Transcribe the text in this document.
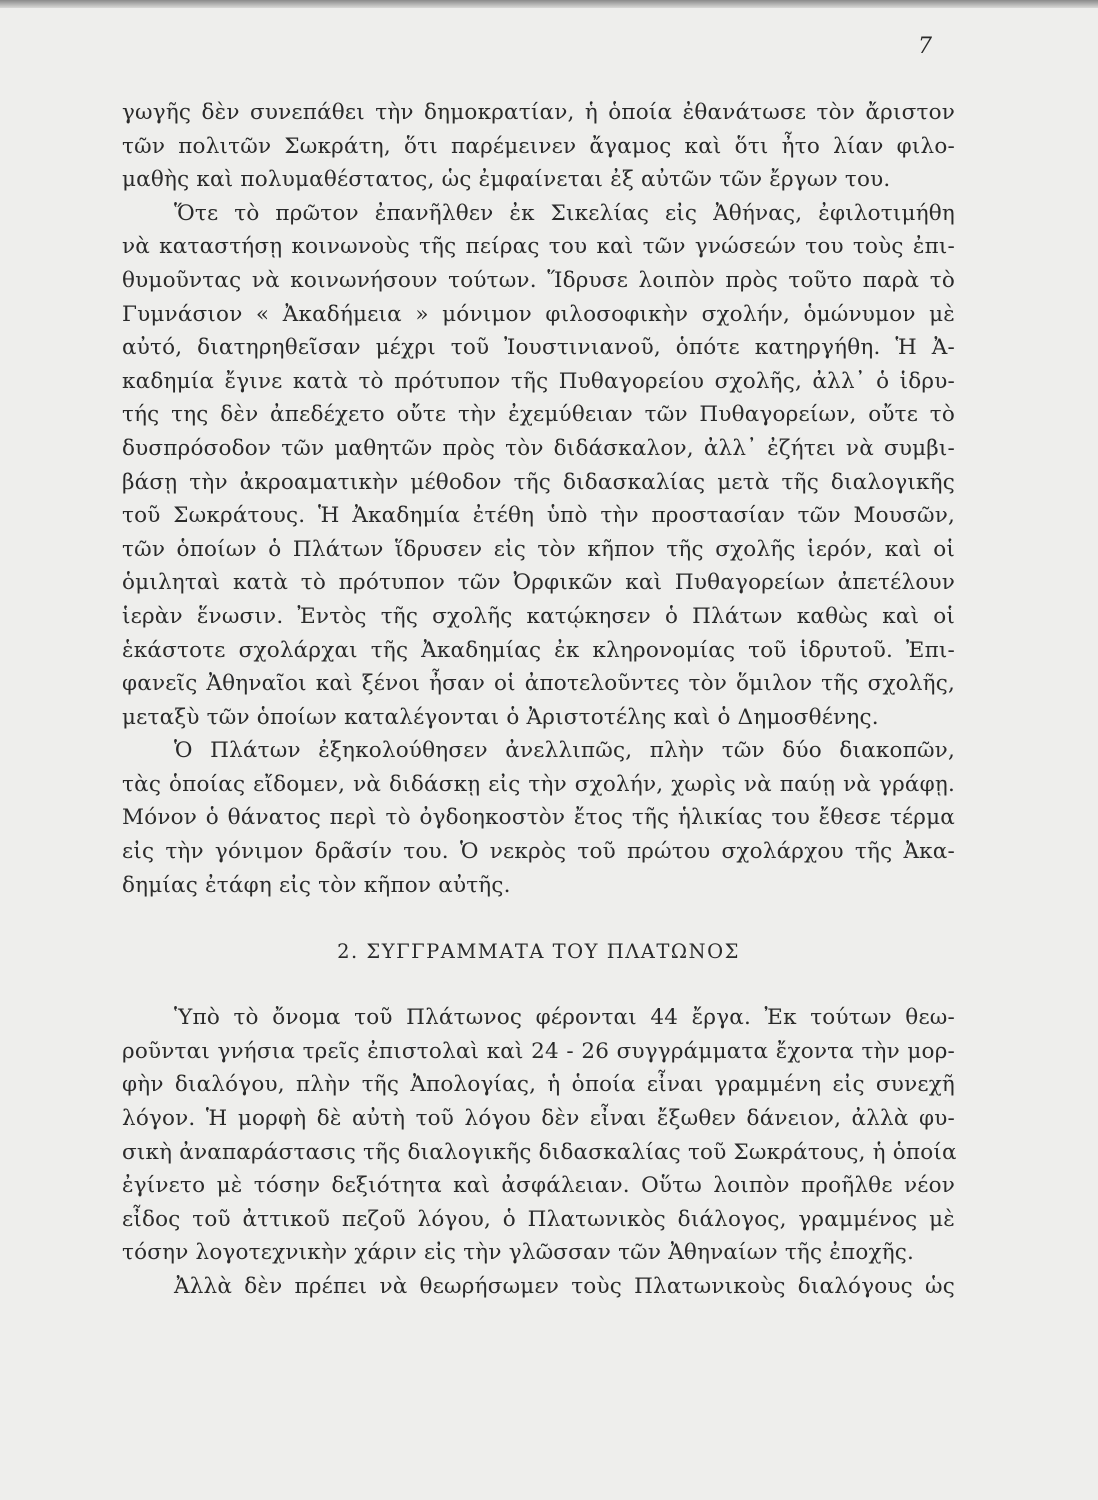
7
γωγῆς δὲν συνεπάθει τὴν δημοκρατίαν, ἡ ὁποία ἐθανάτωσε τὸν ἄριστον
τῶν πολιτῶν Σωκράτη, ὅτι παρέμεινεν ἄγαμος καὶ ὅτι ἦτο λίαν φιλο-
μαθὴς καὶ πολυμαθέστατος, ὡς ἐμφαίνεται ἐξ αὐτῶν τῶν ἔργων του.
Ὅτε τὸ πρῶτον ἐπανῆλθεν ἐκ Σικελίας εἰς Ἀθήνας, ἐφιλοτιμήθη
νὰ καταστήσῃ κοινωνοὺς τῆς πείρας του καὶ τῶν γνώσεών του τοὺς ἐπι-
θυμοῦντας νὰ κοινωνήσουν τούτων. Ἵδρυσε λοιπὸν πρὸς τοῦτο παρὰ τὸ
Γυμνάσιον « Ἀκαδήμεια » μόνιμον φιλοσοφικὴν σχολήν, ὁμώνυμον μὲ
αὐτό, διατηρηθεῖσαν μέχρι τοῦ Ἰουστινιανοῦ, ὁπότε κατηργήθη. Ἡ Ἀ-
καδημία ἔγινε κατὰ τὸ πρότυπον τῆς Πυθαγορείου σχολῆς, ἀλλ᾽ ὁ ἱδρυ-
τής της δὲν ἀπεδέχετο οὔτε τὴν ἐχεμύθειαν τῶν Πυθαγορείων, οὔτε τὸ
δυσπρόσοδον τῶν μαθητῶν πρὸς τὸν διδάσκαλον, ἀλλ᾽ ἐζήτει νὰ συμβι-
βάσῃ τὴν ἀκροαματικὴν μέθοδον τῆς διδασκαλίας μετὰ τῆς διαλογικῆς
τοῦ Σωκράτους. Ἡ Ἀκαδημία ἐτέθη ὑπὸ τὴν προστασίαν τῶν Μουσῶν,
τῶν ὁποίων ὁ Πλάτων ἵδρυσεν εἰς τὸν κῆπον τῆς σχολῆς ἱερόν, καὶ οἱ
ὁμιληταὶ κατὰ τὸ πρότυπον τῶν Ὀρφικῶν καὶ Πυθαγορείων ἀπετέλουν
ἱερὰν ἕνωσιν. Ἐντὸς τῆς σχολῆς κατῴκησεν ὁ Πλάτων καθὼς καὶ οἱ
ἑκάστοτε σχολάρχαι τῆς Ἀκαδημίας ἐκ κληρονομίας τοῦ ἱδρυτοῦ. Ἐπι-
φανεῖς Ἀθηναῖοι καὶ ξένοι ἦσαν οἱ ἀποτελοῦντες τὸν ὅμιλον τῆς σχολῆς,
μεταξὺ τῶν ὁποίων καταλέγονται ὁ Ἀριστοτέλης καὶ ὁ Δημοσθένης.
Ὁ Πλάτων ἐξηκολούθησεν ἀνελλιπῶς, πλὴν τῶν δύο διακοπῶν,
τὰς ὁποίας εἴδομεν, νὰ διδάσκῃ εἰς τὴν σχολήν, χωρὶς νὰ παύῃ νὰ γράφῃ.
Μόνον ὁ θάνατος περὶ τὸ ὀγδοηκοστὸν ἔτος τῆς ἡλικίας του ἔθεσε τέρμα
εἰς τὴν γόνιμον δρᾶσίν του. Ὁ νεκρὸς τοῦ πρώτου σχολάρχου τῆς Ἀκα-
δημίας ἐτάφη εἰς τὸν κῆπον αὐτῆς.
2. ΣΥΓΓΡΑΜΜΑΤΑ ΤΟΥ ΠΛΑΤΩΝΟΣ
Ὑπὸ τὸ ὄνομα τοῦ Πλάτωνος φέρονται 44 ἔργα. Ἐκ τούτων θεω-
ροῦνται γνήσια τρεῖς ἐπιστολαὶ καὶ 24 - 26 συγγράμματα ἔχοντα τὴν μορ-
φὴν διαλόγου, πλὴν τῆς Ἀπολογίας, ἡ ὁποία εἶναι γραμμένη εἰς συνεχῆ
λόγον. Ἡ μορφὴ δὲ αὐτὴ τοῦ λόγου δὲν εἶναι ἔξωθεν δάνειον, ἀλλὰ φυ-
σικὴ ἀναπαράστασις τῆς διαλογικῆς διδασκαλίας τοῦ Σωκράτους, ἡ ὁποία
ἐγίνετο μὲ τόσην δεξιότητα καὶ ἀσφάλειαν. Οὕτω λοιπὸν προῆλθε νέον
εἶδος τοῦ ἀττικοῦ πεζοῦ λόγου, ὁ Πλατωνικὸς διάλογος, γραμμένος μὲ
τόσην λογοτεχνικὴν χάριν εἰς τὴν γλῶσσαν τῶν Ἀθηναίων τῆς ἐποχῆς.
Ἀλλὰ δὲν πρέπει νὰ θεωρήσωμεν τοὺς Πλατωνικοὺς διαλόγους ὡς
